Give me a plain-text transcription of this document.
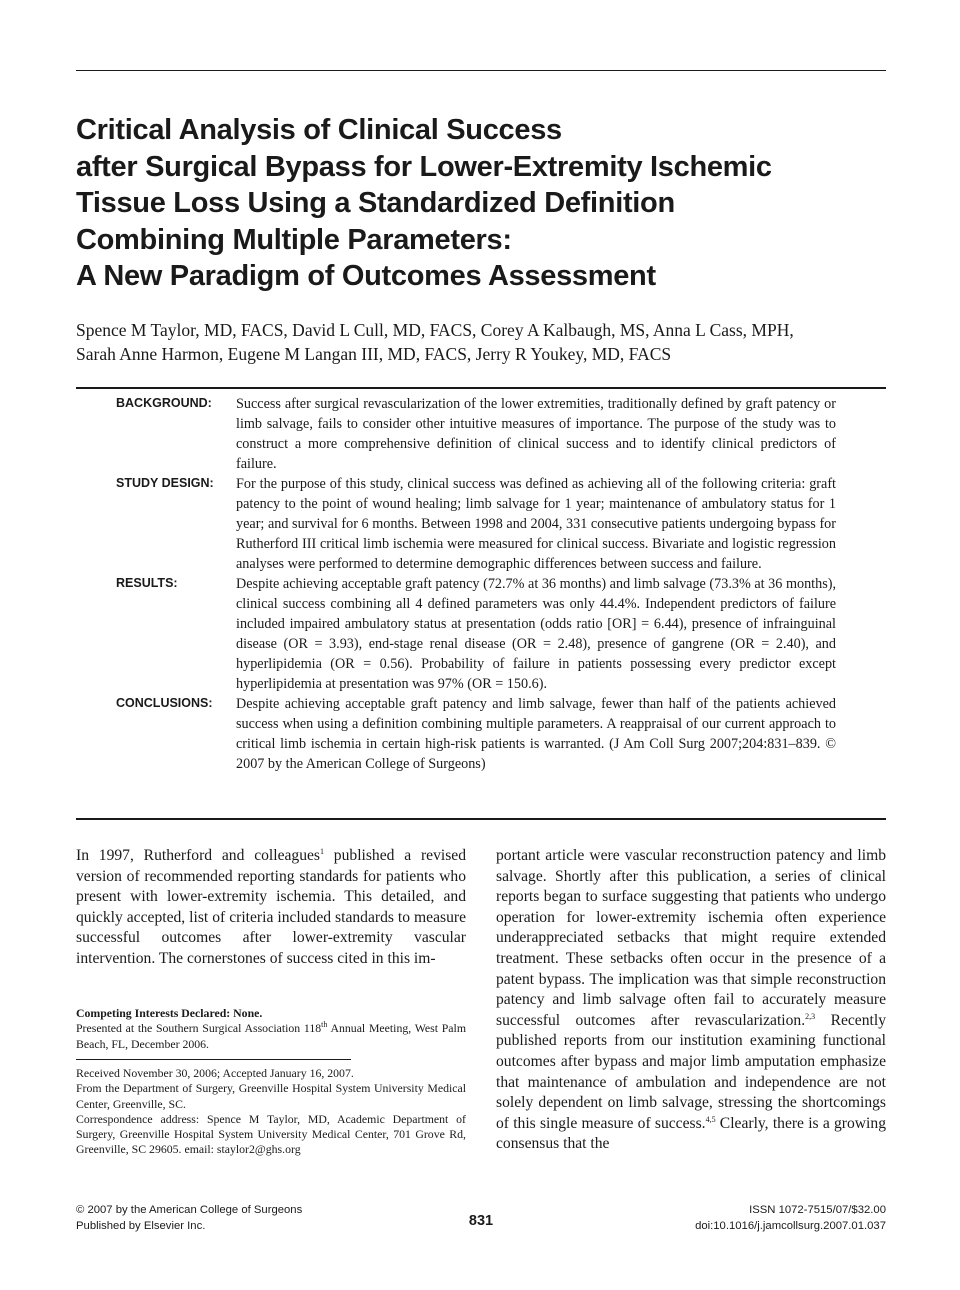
Critical Analysis of Clinical Success
after Surgical Bypass for Lower-Extremity Ischemic
Tissue Loss Using a Standardized Definition
Combining Multiple Parameters:
A New Paradigm of Outcomes Assessment
Spence M Taylor, MD, FACS, David L Cull, MD, FACS, Corey A Kalbaugh, MS, Anna L Cass, MPH,
Sarah Anne Harmon, Eugene M Langan III, MD, FACS, Jerry R Youkey, MD, FACS
BACKGROUND:	Success after surgical revascularization of the lower extremities, traditionally defined by graft patency or limb salvage, fails to consider other intuitive measures of importance. The purpose of the study was to construct a more comprehensive definition of clinical success and to identify clinical predictors of failure.
STUDY DESIGN:	For the purpose of this study, clinical success was defined as achieving all of the following criteria: graft patency to the point of wound healing; limb salvage for 1 year; maintenance of ambulatory status for 1 year; and survival for 6 months. Between 1998 and 2004, 331 consecutive patients undergoing bypass for Rutherford III critical limb ischemia were measured for clinical success. Bivariate and logistic regression analyses were performed to determine demographic differences between success and failure.
RESULTS:	Despite achieving acceptable graft patency (72.7% at 36 months) and limb salvage (73.3% at 36 months), clinical success combining all 4 defined parameters was only 44.4%. Independent predictors of failure included impaired ambulatory status at presentation (odds ratio [OR] = 6.44), presence of infrainguinal disease (OR = 3.93), end-stage renal disease (OR = 2.48), presence of gangrene (OR = 2.40), and hyperlipidemia (OR = 0.56). Probability of failure in patients possessing every predictor except hyperlipidemia at presentation was 97% (OR = 150.6).
CONCLUSIONS:	Despite achieving acceptable graft patency and limb salvage, fewer than half of the patients achieved success when using a definition combining multiple parameters. A reappraisal of our current approach to critical limb ischemia in certain high-risk patients is warranted. (J Am Coll Surg 2007;204:831–839. © 2007 by the American College of Surgeons)
In 1997, Rutherford and colleagues$^1$ published a revised version of recommended reporting standards for patients who present with lower-extremity ischemia. This detailed, and quickly accepted, list of criteria included standards to measure successful outcomes after lower-extremity vascular intervention. The cornerstones of success cited in this im-
portant article were vascular reconstruction patency and limb salvage. Shortly after this publication, a series of clinical reports began to surface suggesting that patients who undergo operation for lower-extremity ischemia often experience underappreciated setbacks that might require extended treatment. These setbacks often occur in the presence of a patent bypass. The implication was that simple reconstruction patency and limb salvage often fail to accurately measure successful outcomes after revascularization.$^{2,3}$ Recently published reports from our institution examining functional outcomes after bypass and major limb amputation emphasize that maintenance of ambulation and independence are not solely dependent on limb salvage, stressing the shortcomings of this single measure of success.$^{4,5}$ Clearly, there is a growing consensus that the

Competing Interests Declared: None.

Presented at the Southern Surgical Association 118th Annual Meeting, West Palm Beach, FL, December 2006.

Received November 30, 2006; Accepted January 16, 2007.

From the Department of Surgery, Greenville Hospital System University Medical Center, Greenville, SC.

Correspondence address: Spence M Taylor, MD, Academic Department of Surgery, Greenville Hospital System University Medical Center, 701 Grove Rd, Greenville, SC 29605. email: staylor2@ghs.org

© 2007 by the American College of Surgeons
Published by Elsevier Inc.	831
ISSN 1072-7515/07/$32.00
doi:10.1016/j.jamcollsurg.2007.01.037
